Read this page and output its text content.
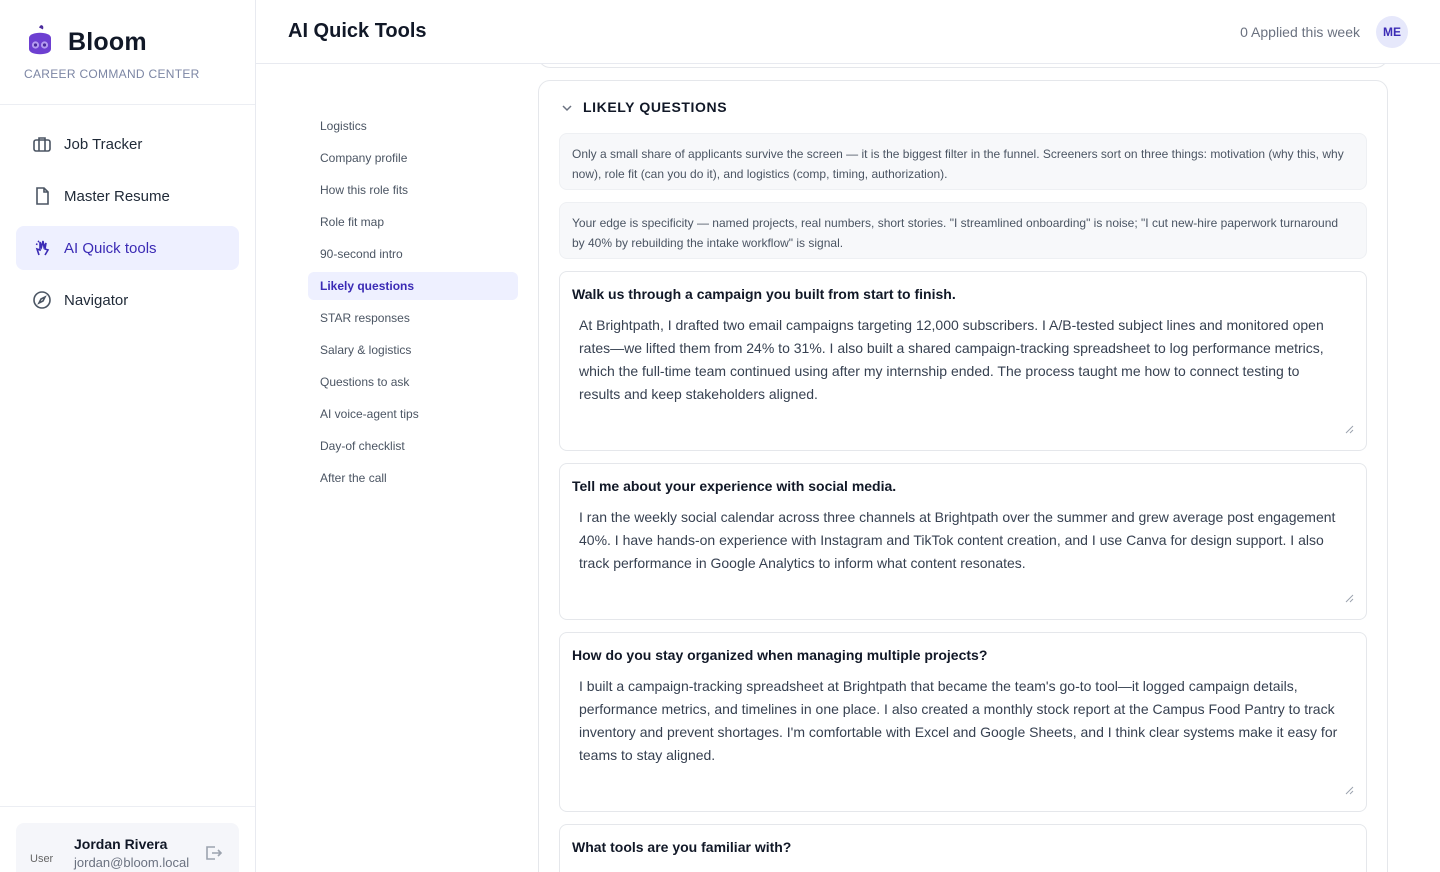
Bloom
CAREER COMMAND CENTER
Job Tracker
Master Resume
AI Quick tools
Navigator
User
Jordan Rivera
jordan@bloom.local
AI Quick Tools	0 Applied this week	ME
Logistics
Company profile
How this role fits
Role fit map
90-second intro
Likely questions
STAR responses
Salary & logistics
Questions to ask
AI voice-agent tips
Day-of checklist
After the call
LIKELY QUESTIONS
Only a small share of applicants survive the screen — it is the biggest filter in the funnel. Screeners sort on three things: motivation (why this, why now), role fit (can you do it), and logistics (comp, timing, authorization).
Your edge is specificity — named projects, real numbers, short stories. "I streamlined onboarding" is noise; "I cut new-hire paperwork turnaround by 40% by rebuilding the intake workflow" is signal.
Walk us through a campaign you built from start to finish.
At Brightpath, I drafted two email campaigns targeting 12,000 subscribers. I A/B-tested subject lines and monitored open rates—we lifted them from 24% to 31%. I also built a shared campaign-tracking spreadsheet to log performance metrics, which the full-time team continued using after my internship ended. The process taught me how to connect testing to results and keep stakeholders aligned.
Tell me about your experience with social media.
I ran the weekly social calendar across three channels at Brightpath over the summer and grew average post engagement 40%. I have hands-on experience with Instagram and TikTok content creation, and I use Canva for design support. I also track performance in Google Analytics to inform what content resonates.
How do you stay organized when managing multiple projects?
I built a campaign-tracking spreadsheet at Brightpath that became the team's go-to tool—it logged campaign details, performance metrics, and timelines in one place. I also created a monthly stock report at the Campus Food Pantry to track inventory and prevent shortages. I'm comfortable with Excel and Google Sheets, and I think clear systems make it easy for teams to stay aligned.
What tools are you familiar with?
